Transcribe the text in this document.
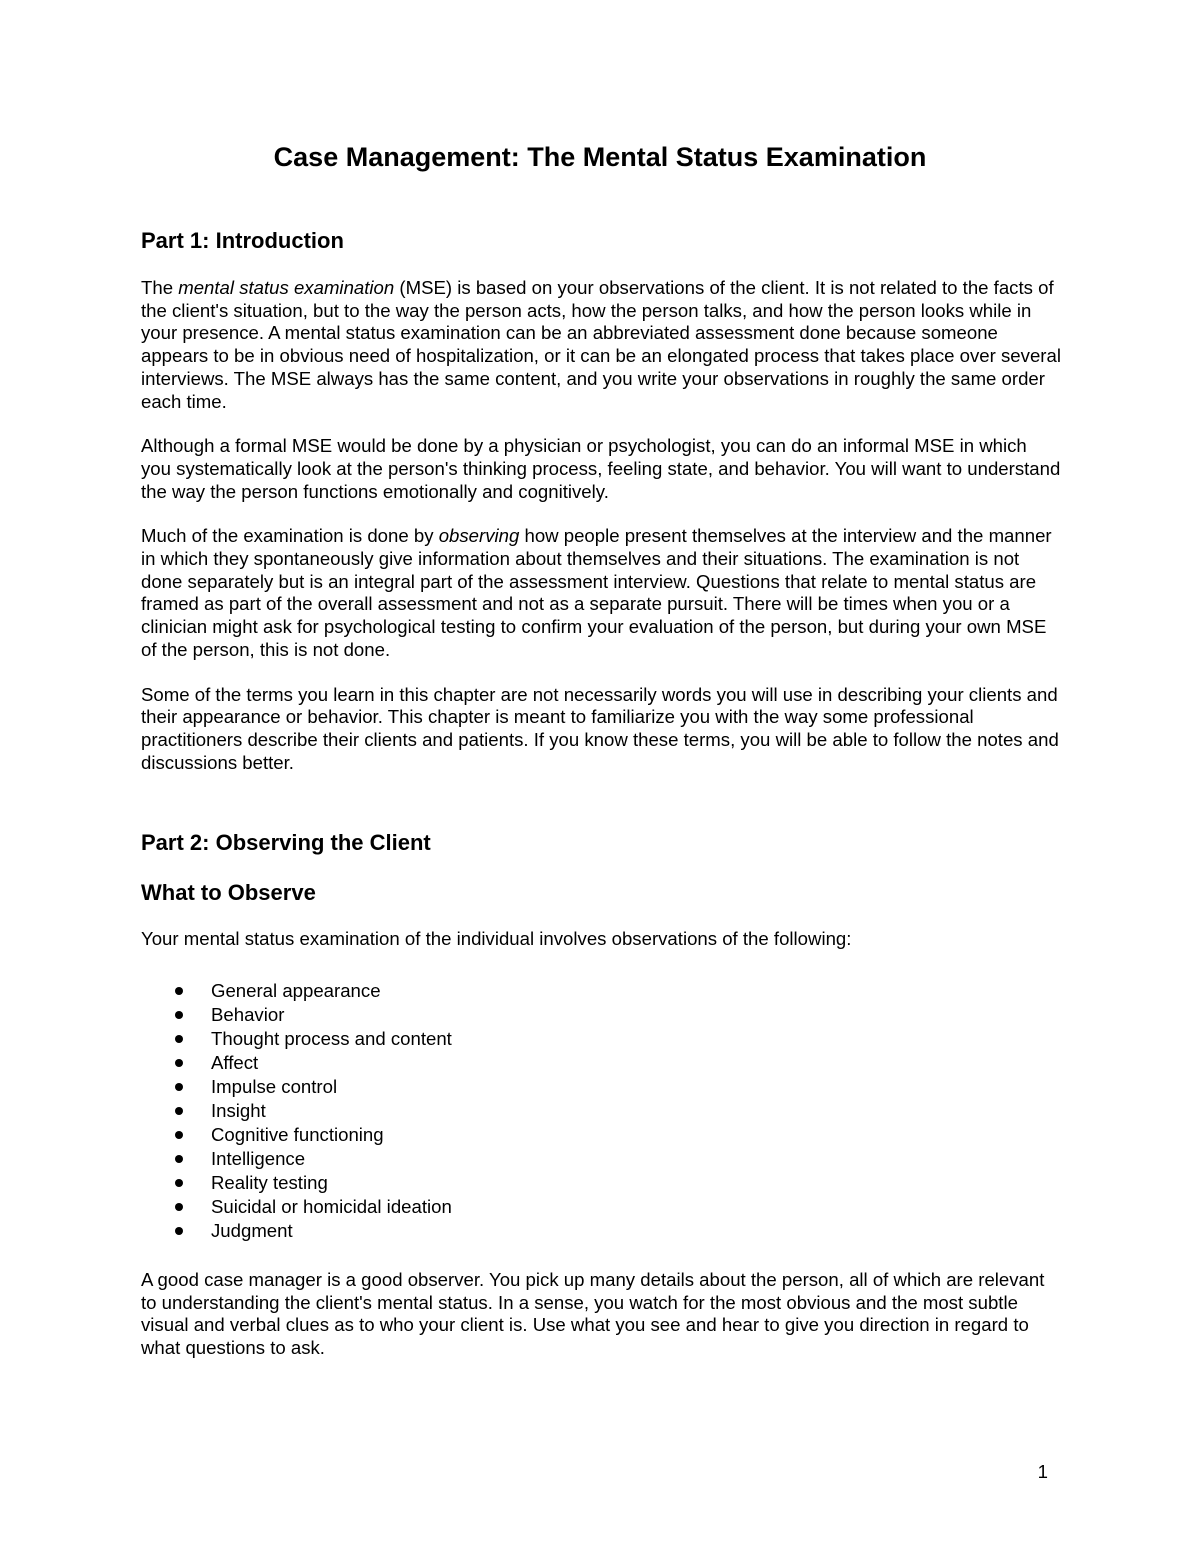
Case Management: The Mental Status Examination
Part 1: Introduction

The mental status examination (MSE) is based on your observations of the client. It is not related to the facts of the client's situation, but to the way the person acts, how the person talks, and how the person looks while in your presence. A mental status examination can be an abbreviated assessment done because someone appears to be in obvious need of hospitalization, or it can be an elongated process that takes place over several interviews. The MSE always has the same content, and you write your observations in roughly the same order each time.

Although a formal MSE would be done by a physician or psychologist, you can do an informal MSE in which you systematically look at the person's thinking process, feeling state, and behavior. You will want to understand the way the person functions emotionally and cognitively.

Much of the examination is done by observing how people present themselves at the interview and the manner in which they spontaneously give information about themselves and their situations. The examination is not done separately but is an integral part of the assessment interview. Questions that relate to mental status are framed as part of the overall assessment and not as a separate pursuit. There will be times when you or a clinician might ask for psychological testing to confirm your evaluation of the person, but during your own MSE of the person, this is not done.

Some of the terms you learn in this chapter are not necessarily words you will use in describing your clients and their appearance or behavior. This chapter is meant to familiarize you with the way some professional practitioners describe their clients and patients. If you know these terms, you will be able to follow the notes and discussions better.

Part 2: Observing the Client
What to Observe

Your mental status examination of the individual involves observations of the following:

General appearance
Behavior
Thought process and content
Affect
Impulse control
Insight
Cognitive functioning
Intelligence
Reality testing
Suicidal or homicidal ideation
Judgment

A good case manager is a good observer. You pick up many details about the person, all of which are relevant to understanding the client's mental status. In a sense, you watch for the most obvious and the most subtle visual and verbal clues as to who your client is. Use what you see and hear to give you direction in regard to what questions to ask.

1
